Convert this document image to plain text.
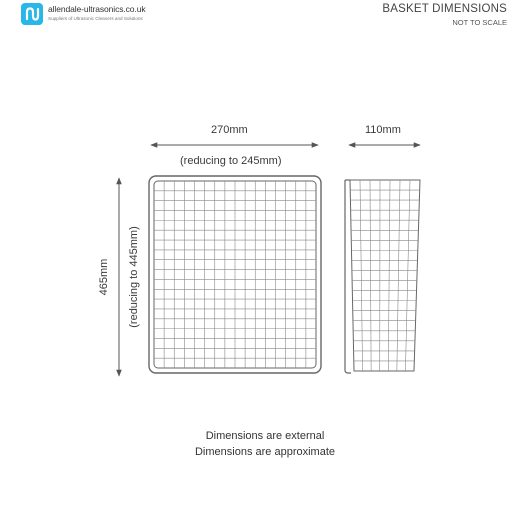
allendale-ultrasonics.co.uk
Suppliers of Ultrasonic Cleaners and Solutions
BASKET DIMENSIONS
NOT TO SCALE
270mm
(reducing to 245mm)
110mm
465mm (reducing to 445mm)
Dimensions are external
Dimensions are approximate
